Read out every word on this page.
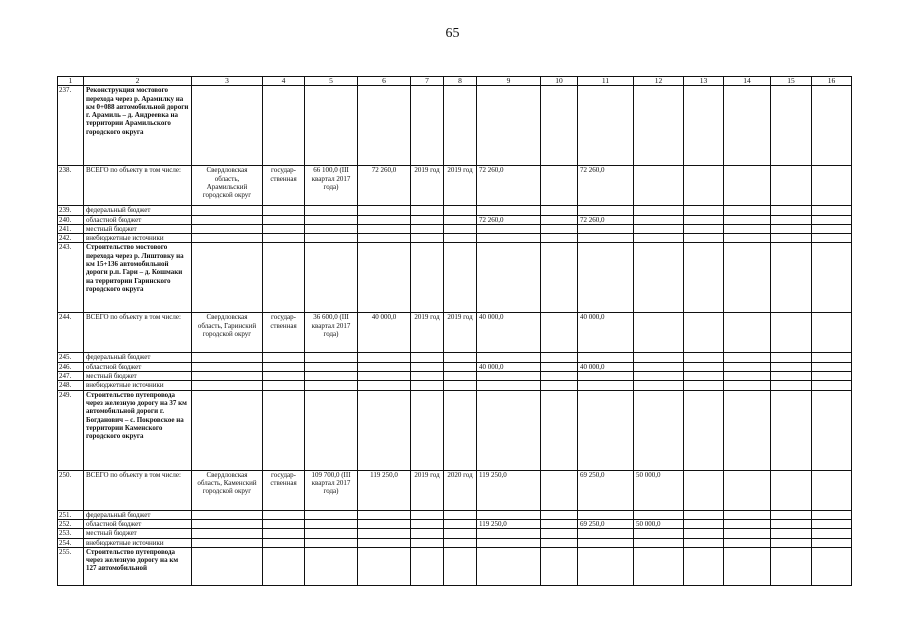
65
1	2	3	4	5	6	7	8	9	10	11	12	13	14	15	16
237.	Реконструкция мостового перехода через р. Арамилку на км 0+088 автомобильной дороги г. Арамиль – д. Андреевка на территории Арамильского городского округа														
238.	ВСЕГО по объекту в том числе:	Свердловская область, Арамильский городской округ	государ-ственная	66 100,0 (III квартал 2017 года)	72 260,0	2019 год	2019 год	72 260,0		72 260,0					
239.	федеральный бюджет														
240.	областной бюджет							72 260,0		72 260,0					
241.	местный бюджет														
242.	внебюджетные источники														
243.	Строительство мостового перехода через р. Лиштовку на км 15+136 автомобильной дороги р.п. Гари – д. Кошмаки на территории Гаринского городского округа														
244.	ВСЕГО по объекту в том числе:	Свердловская область, Гаринский городской округ	государ-ственная	36 600,0 (III квартал 2017 года)	40 000,0	2019 год	2019 год	40 000,0		40 000,0					
245.	федеральный бюджет														
246.	областной бюджет							40 000,0		40 000,0					
247.	местный бюджет														
248.	внебюджетные источники														
249.	Строительство путепровода через железную дорогу на 37 км автомобильной дороги г. Богданович – с. Покровское на территории Каменского городского округа														
250.	ВСЕГО по объекту в том числе:	Свердловская область, Каменский городской округ	государ-ственная	109 700,0 (III квартал 2017 года)	119 250,0	2019 год	2020 год	119 250,0		69 250,0	50 000,0				
251.	федеральный бюджет														
252.	областной бюджет							119 250,0		69 250,0	50 000,0				
253.	местный бюджет														
254.	внебюджетные источники														
255.	Строительство путепровода через железную дорогу на км 127 автомобильной														
